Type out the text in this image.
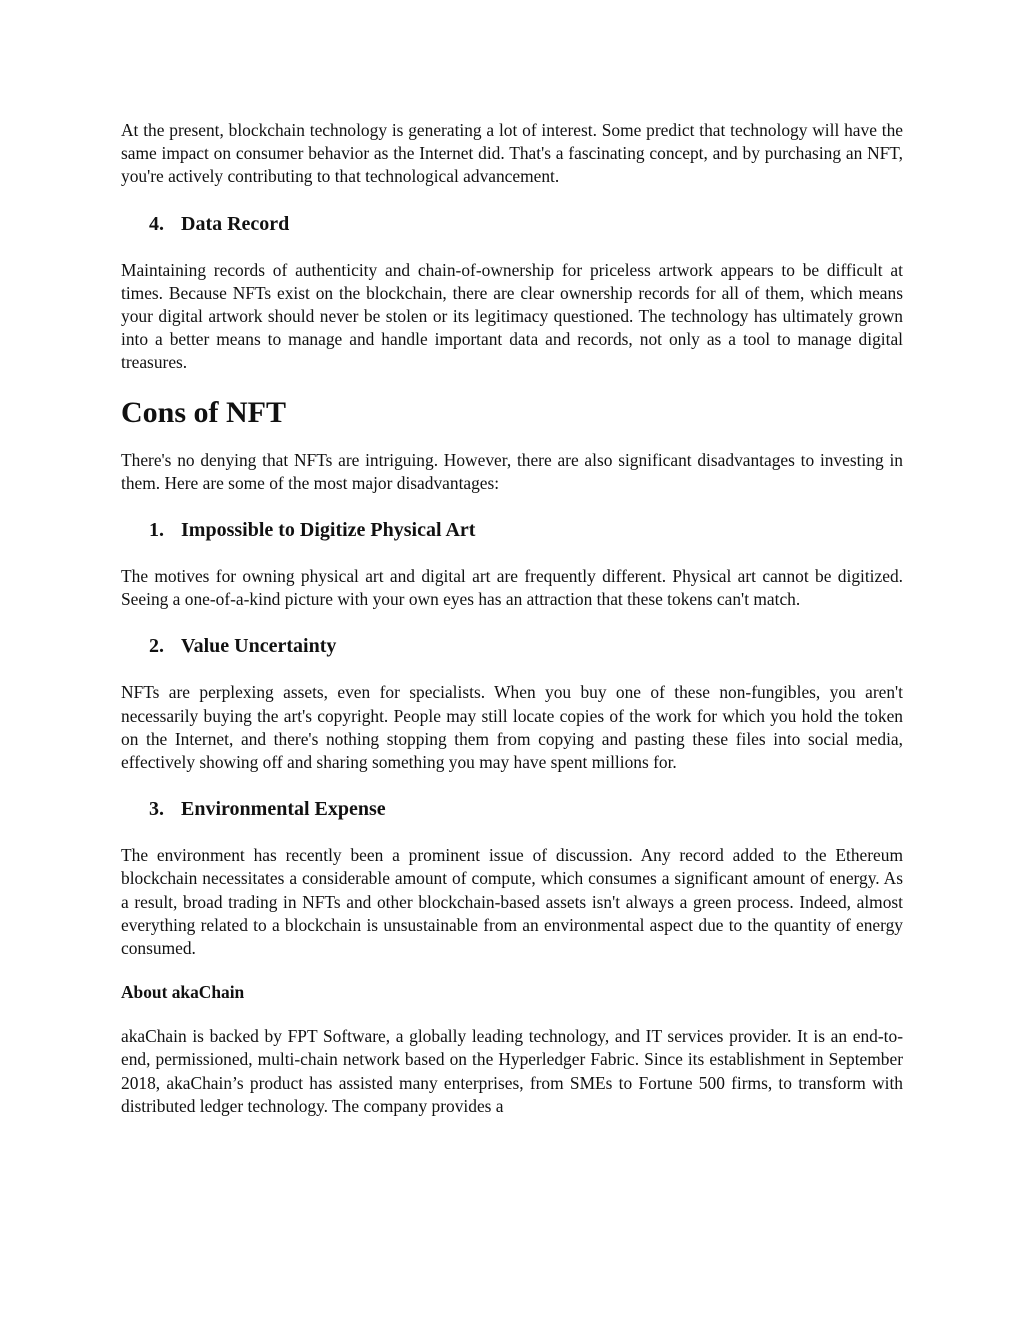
At the present, blockchain technology is generating a lot of interest. Some predict that technology will have the same impact on consumer behavior as the Internet did. That's a fascinating concept, and by purchasing an NFT, you're actively contributing to that technological advancement.

4. Data Record

Maintaining records of authenticity and chain-of-ownership for priceless artwork appears to be difficult at times. Because NFTs exist on the blockchain, there are clear ownership records for all of them, which means your digital artwork should never be stolen or its legitimacy questioned. The technology has ultimately grown into a better means to manage and handle important data and records, not only as a tool to manage digital treasures.

Cons of NFT

There's no denying that NFTs are intriguing. However, there are also significant disadvantages to investing in them. Here are some of the most major disadvantages:

1. Impossible to Digitize Physical Art

The motives for owning physical art and digital art are frequently different. Physical art cannot be digitized. Seeing a one-of-a-kind picture with your own eyes has an attraction that these tokens can't match.

2. Value Uncertainty

NFTs are perplexing assets, even for specialists. When you buy one of these non-fungibles, you aren't necessarily buying the art's copyright. People may still locate copies of the work for which you hold the token on the Internet, and there's nothing stopping them from copying and pasting these files into social media, effectively showing off and sharing something you may have spent millions for.

3. Environmental Expense

The environment has recently been a prominent issue of discussion. Any record added to the Ethereum blockchain necessitates a considerable amount of compute, which consumes a significant amount of energy. As a result, broad trading in NFTs and other blockchain-based assets isn't always a green process. Indeed, almost everything related to a blockchain is unsustainable from an environmental aspect due to the quantity of energy consumed.

About akaChain

akaChain is backed by FPT Software, a globally leading technology, and IT services provider. It is an end-to-end, permissioned, multi-chain network based on the Hyperledger Fabric. Since its establishment in September 2018, akaChain’s product has assisted many enterprises, from SMEs to Fortune 500 firms, to transform with distributed ledger technology. The company provides a
